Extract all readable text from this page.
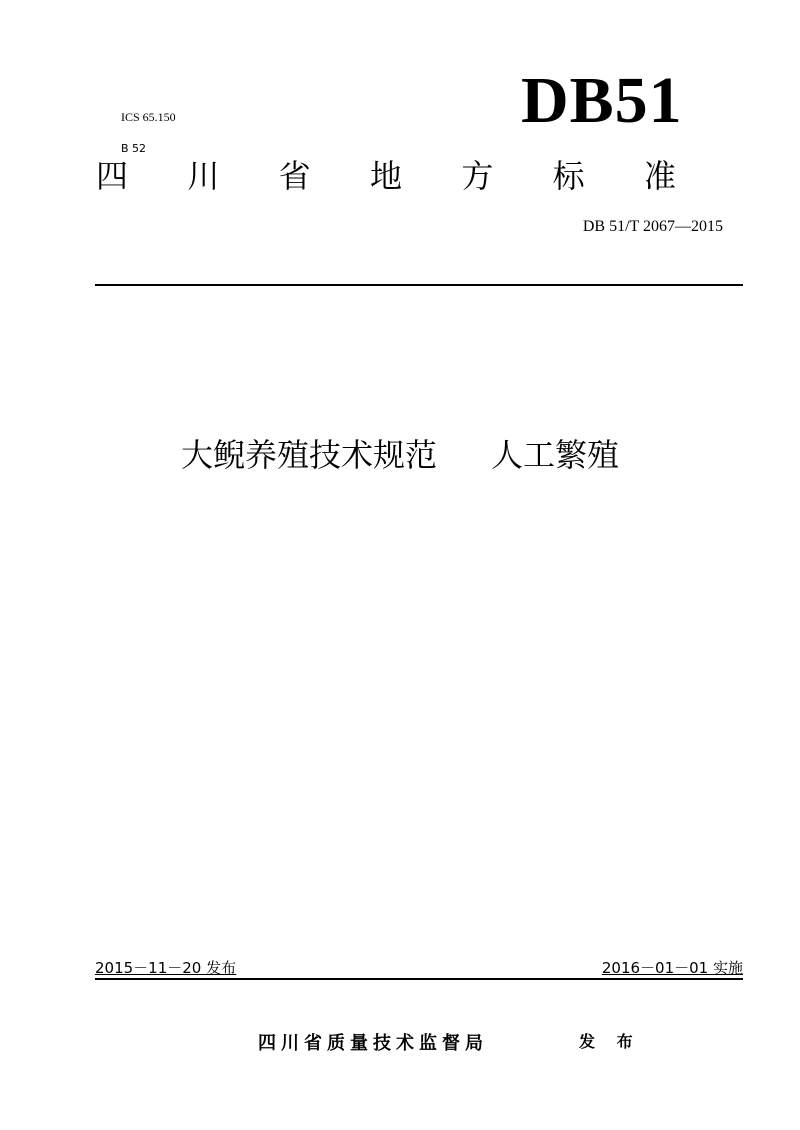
ICS 65.150
B 52
DB51
四 川 省 地 方 标 准
DB 51/T 2067—2015
大鲵养殖技术规范 人工繁殖
2015－11－20 发布	2016－01－01 实施
四川省质量技术监督局	发 布
